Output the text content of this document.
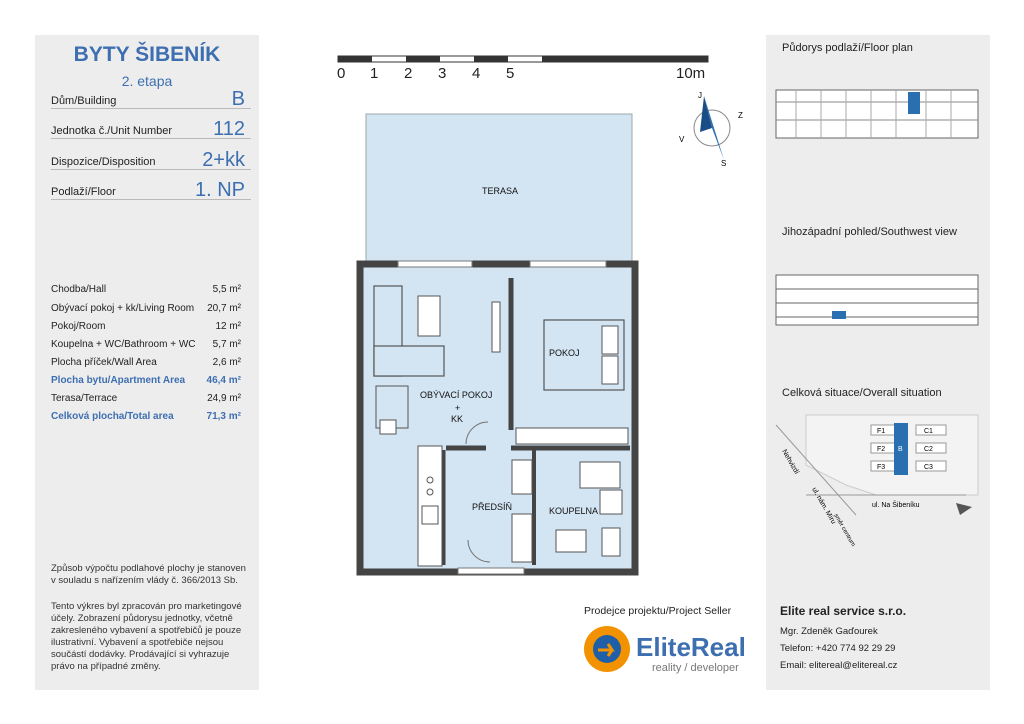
BYTY ŠIBENÍK
2. etapa
Dům/Building	B
Jednotka č./Unit Number 112
Dispozice/Disposition 2+kk
Podlaží/Floor	1. NP
Chodba/Hall	5,5 m²
Obývací pokoj + kk/Living Room 20,7 m²
Pokoj/Room	12 m²
Koupelna + WC/Bathroom + WC 5,7 m²
Plocha příček/Wall Area	2,6 m²
Plocha bytu/Apartment Area 46,4 m²
Terasa/Terrace	24,9 m²
Celková plocha/Total area	71,3 m²
Způsob výpočtu podlahové plochy je stanoven v souladu s nařízením vlády č. 366/2013 Sb.
Tento výkres byl zpracován pro marketingové účely. Zobrazení půdorysu jednotky, včetně zakresleného vybavení a spotřebičů je pouze ilustrativní. Vybavení a spotřebiče nejsou součástí dodávky. Prodávající si vyhrazuje právo na případné změny.
0 1 2 3 4 5	10m
J
Z
V
S
TERASA
OBÝVACÍ POKOJ
+
KK
POKOJ
PŘEDSÍŇ	KOUPELNA
Půdorys podlaží/Floor plan
Jihozápadní pohled/Southwest view
Celková situace/Overall situation
F1
F2
F3
B
C1
C2
C3
ul. Na Šibeníku
ul. nám. Míru
Nehvizdí
směr centrum
Prodejce projektu/Project Seller
EliteReal
reality / developer
Elite real service s.r.o.
Mgr. Zdeněk Gaďourek
Telefon: +420 774 92 29 29
Email: elitereal@elitereal.cz
